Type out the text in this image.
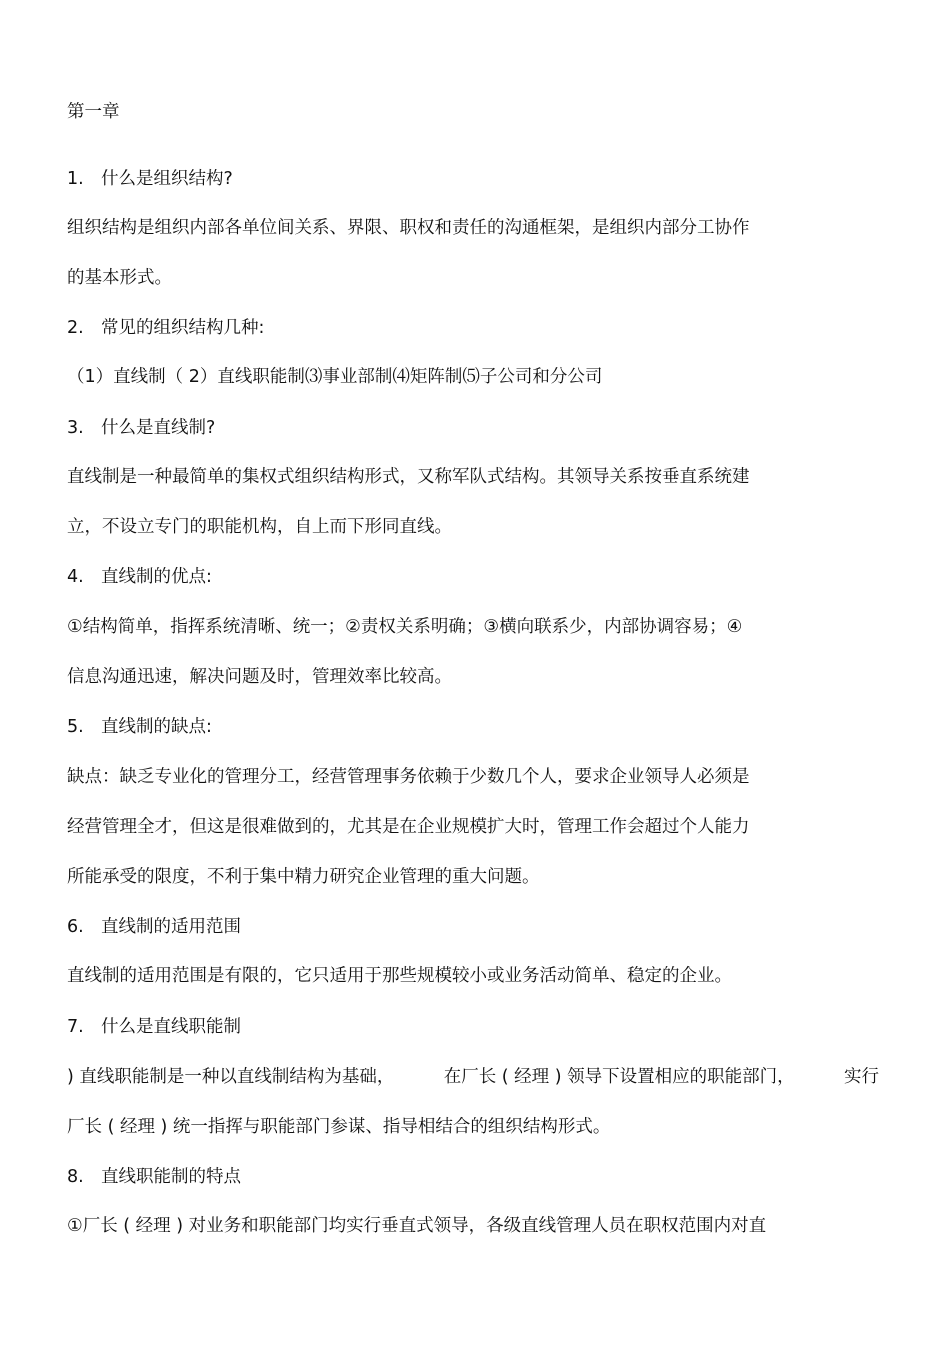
第一章
1. 什么是组织结构?
组织结构是组织内部各单位间关系、界限、职权和责任的沟通框架，是组织内部分工协作
的基本形式。
2. 常见的组织结构几种:
（1）直线制（ 2）直线职能制⑶事业部制⑷矩阵制⑸子公司和分公司
3. 什么是直线制?
直线制是一种最简单的集权式组织结构形式，又称军队式结构。其领导关系按垂直系统建
立，不设立专门的职能机构，自上而下形同直线。
4. 直线制的优点:
①结构简单，指挥系统清晰、统一；②责权关系明确；③横向联系少，内部协调容易；④
信息沟通迅速，解决问题及时，管理效率比较高。
5. 直线制的缺点:
缺点：缺乏专业化的管理分工，经营管理事务依赖于少数几个人，要求企业领导人必须是
经营管理全才，但这是很难做到的，尤其是在企业规模扩大时，管理工作会超过个人能力
所能承受的限度，不利于集中精力研究企业管理的重大问题。
6. 直线制的适用范围
直线制的适用范围是有限的，它只适用于那些规模较小或业务活动简单、稳定的企业。
7. 什么是直线职能制
) 直线职能制是一种以直线制结构为基础，	在厂长 ( 经理 ) 领导下设置相应的职能部门，	实行
厂长 ( 经理 ) 统一指挥与职能部门参谋、指导相结合的组织结构形式。
8. 直线职能制的特点
①厂长 ( 经理 ) 对业务和职能部门均实行垂直式领导，各级直线管理人员在职权范围内对直
